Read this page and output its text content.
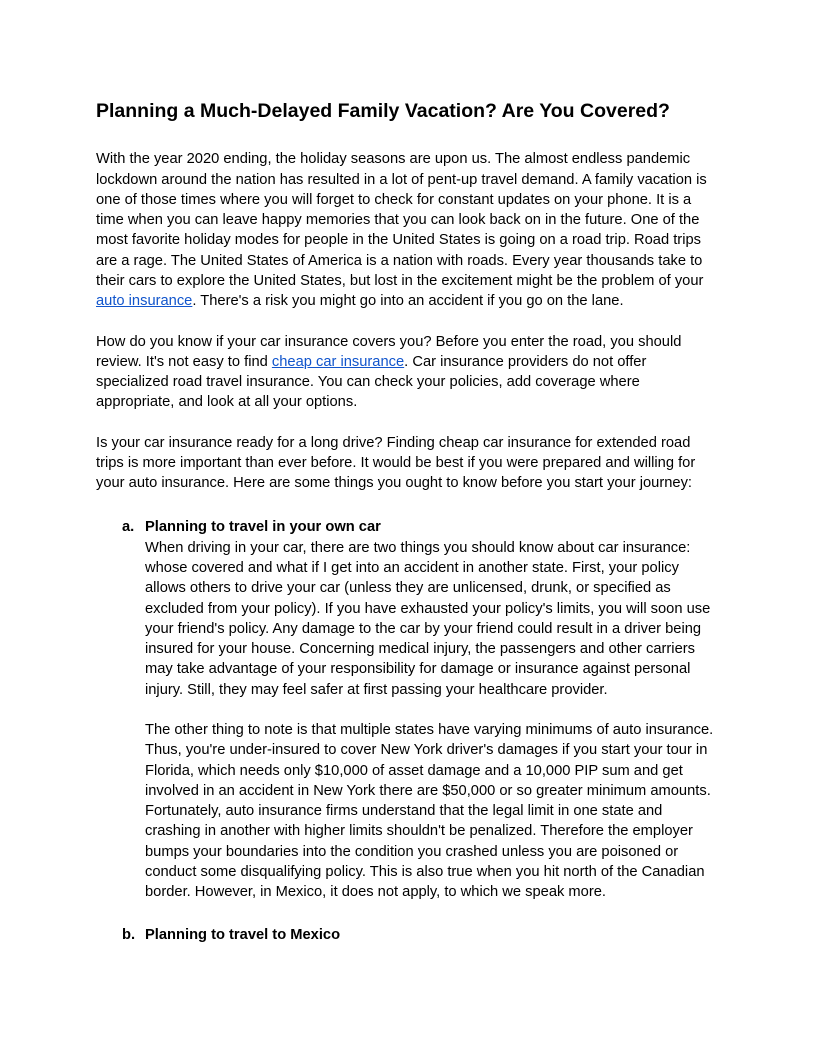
Planning a Much-Delayed Family Vacation? Are You Covered?

With the year 2020 ending, the holiday seasons are upon us. The almost endless pandemic lockdown around the nation has resulted in a lot of pent-up travel demand. A family vacation is one of those times where you will forget to check for constant updates on your phone. It is a time when you can leave happy memories that you can look back on in the future. One of the most favorite holiday modes for people in the United States is going on a road trip. Road trips are a rage. The United States of America is a nation with roads. Every year thousands take to their cars to explore the United States, but lost in the excitement might be the problem of your auto insurance. There's a risk you might go into an accident if you go on the lane.

How do you know if your car insurance covers you? Before you enter the road, you should review. It's not easy to find cheap car insurance. Car insurance providers do not offer specialized road travel insurance. You can check your policies, add coverage where appropriate, and look at all your options.

Is your car insurance ready for a long drive? Finding cheap car insurance for extended road trips is more important than ever before. It would be best if you were prepared and willing for your auto insurance. Here are some things you ought to know before you start your journey:

a. Planning to travel in your own car

When driving in your car, there are two things you should know about car insurance: whose covered and what if I get into an accident in another state. First, your policy allows others to drive your car (unless they are unlicensed, drunk, or specified as excluded from your policy). If you have exhausted your policy's limits, you will soon use your friend's policy. Any damage to the car by your friend could result in a driver being insured for your house. Concerning medical injury, the passengers and other carriers may take advantage of your responsibility for damage or insurance against personal injury. Still, they may feel safer at first passing your healthcare provider.

The other thing to note is that multiple states have varying minimums of auto insurance. Thus, you're under-insured to cover New York driver's damages if you start your tour in Florida, which needs only $10,000 of asset damage and a 10,000 PIP sum and get involved in an accident in New York there are $50,000 or so greater minimum amounts. Fortunately, auto insurance firms understand that the legal limit in one state and crashing in another with higher limits shouldn't be penalized. Therefore the employer bumps your boundaries into the condition you crashed unless you are poisoned or conduct some disqualifying policy. This is also true when you hit north of the Canadian border. However, in Mexico, it does not apply, to which we speak more.

b. Planning to travel to Mexico
